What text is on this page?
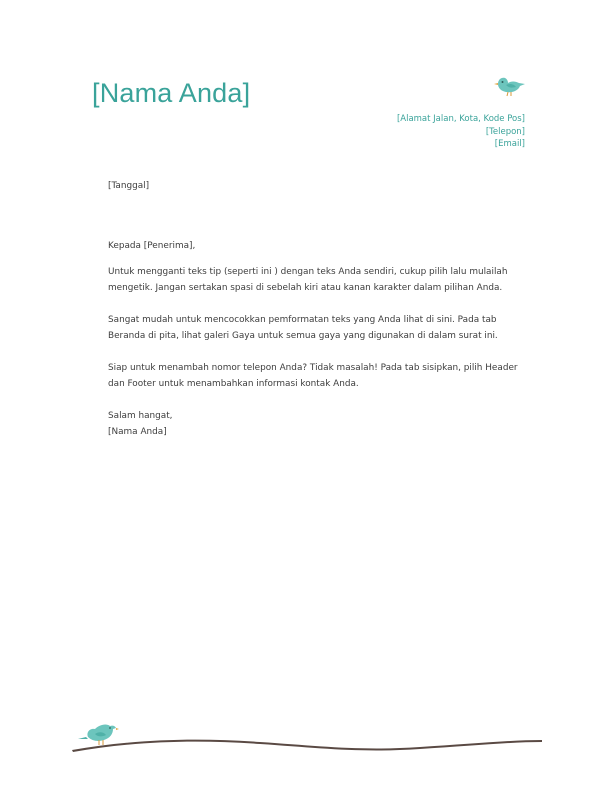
[Nama Anda]
[Alamat Jalan, Kota, Kode Pos]
[Telepon]
[Email]

[Tanggal]

Kepada [Penerima],

Untuk mengganti teks tip (seperti ini ) dengan teks Anda sendiri, cukup pilih lalu mulailah mengetik. Jangan sertakan spasi di sebelah kiri atau kanan karakter dalam pilihan Anda.

Sangat mudah untuk mencocokkan pemformatan teks yang Anda lihat di sini. Pada tab Beranda di pita, lihat galeri Gaya untuk semua gaya yang digunakan di dalam surat ini.

Siap untuk menambah nomor telepon Anda? Tidak masalah! Pada tab sisipkan, pilih Header dan Footer untuk menambahkan informasi kontak Anda.

Salam hangat,

[Nama Anda]
